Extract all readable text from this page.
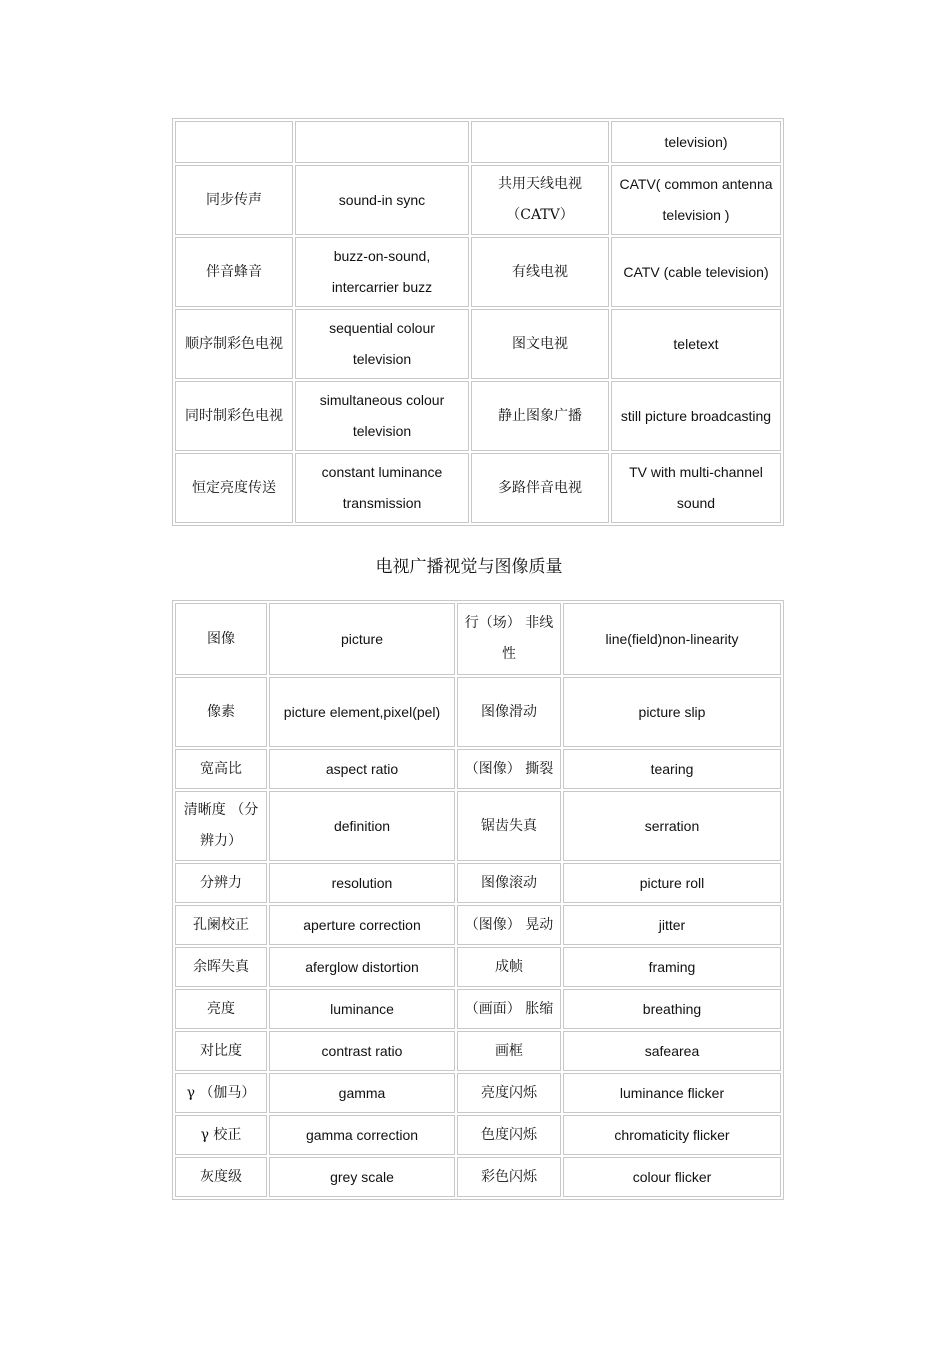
			television)
同步传声	sound-in sync	共用天线电视（CATV）	CATV( common antenna television )
伴音蜂音	buzz-on-sound, intercarrier buzz	有线电视	CATV (cable television)
顺序制彩色电视	sequential colour television	图文电视	teletext
同时制彩色电视	simultaneous colour television	静止图象广播	still picture broadcasting
恒定亮度传送	constant luminance transmission	多路伴音电视	TV with multi-channel sound
电视广播视觉与图像质量
图像	picture	行（场） 非线性	line(field)non-linearity
像素	picture element,pixel(pel)	图像滑动	picture slip
宽高比	aspect ratio	（图像） 撕裂	tearing
清晰度 （分辨力）	definition	锯齿失真	serration
分辨力	resolution	图像滚动	picture roll
孔阑校正	aperture correction	（图像） 晃动	jitter
余晖失真	aferglow distortion	成帧	framing
亮度	luminance	（画面） 胀缩	breathing
对比度	contrast ratio	画框	safearea
γ （伽马）	gamma	亮度闪烁	luminance flicker
γ 校正	gamma correction	色度闪烁	chromaticity flicker
灰度级	grey scale	彩色闪烁	colour flicker
